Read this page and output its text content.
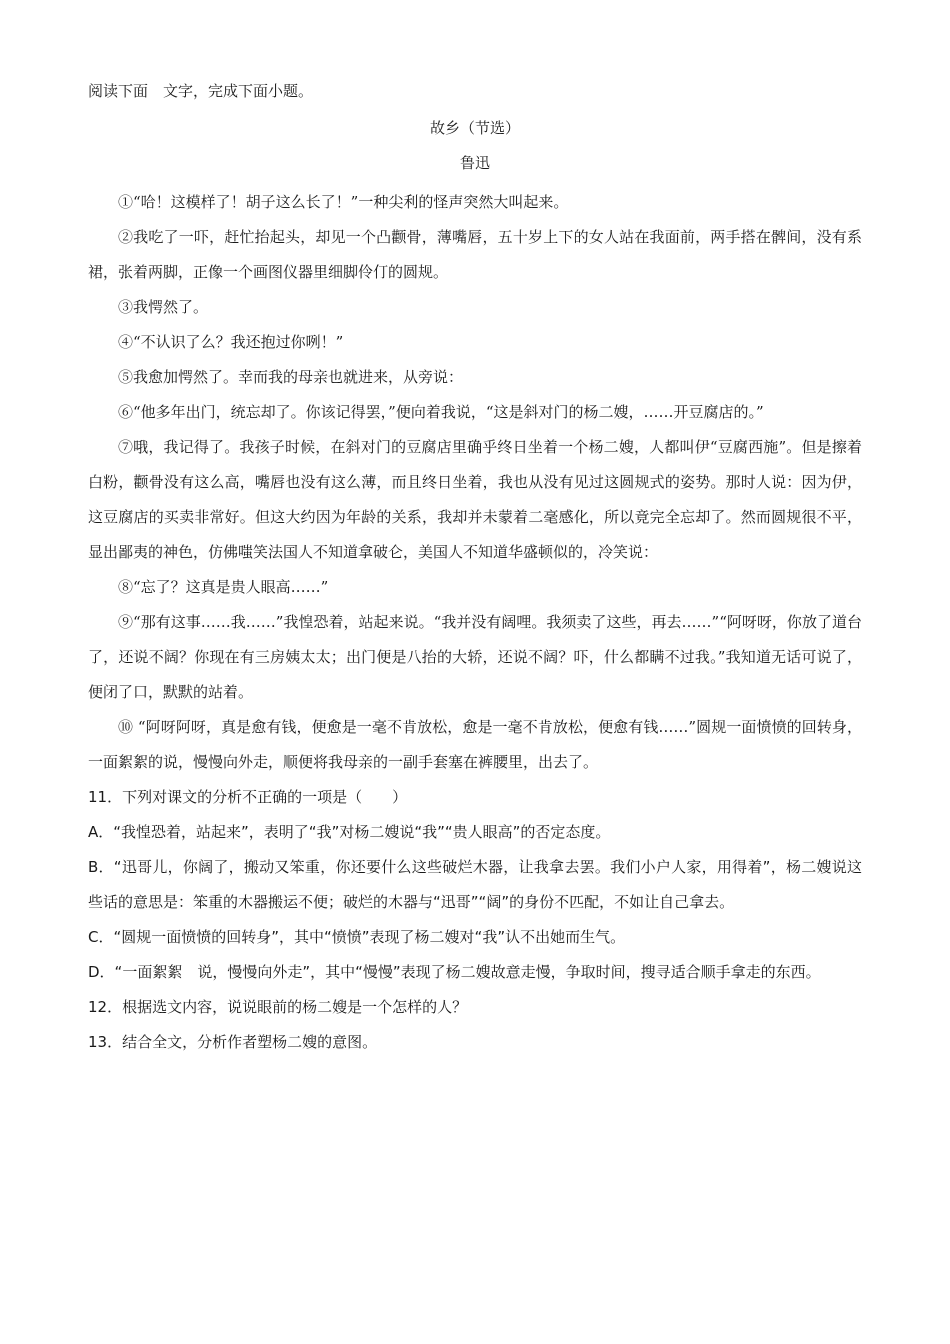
阅读下面　文字，完成下面小题。

故乡（节选）

鲁迅

①“哈！这模样了！胡子这么长了！”一种尖利的怪声突然大叫起来。

②我吃了一吓，赶忙抬起头，却见一个凸颧骨，薄嘴唇，五十岁上下的女人站在我面前，两手搭在髀间，没有系裙，张着两脚，正像一个画图仪器里细脚伶仃的圆规。

③我愕然了。

④“不认识了么？我还抱过你咧！”

⑤我愈加愕然了。幸而我的母亲也就进来，从旁说：

⑥“他多年出门，统忘却了。你该记得罢，”便向着我说，“这是斜对门的杨二嫂，……开豆腐店的。”

⑦哦，我记得了。我孩子时候，在斜对门的豆腐店里确乎终日坐着一个杨二嫂，人都叫伊“豆腐西施”。但是擦着白粉，颧骨没有这么高，嘴唇也没有这么薄，而且终日坐着，我也从没有见过这圆规式的姿势。那时人说：因为伊，这豆腐店的买卖非常好。但这大约因为年龄的关系，我却并未蒙着二毫感化，所以竟完全忘却了。然而圆规很不平，显出鄙夷的神色，仿佛嗤笑法国人不知道拿破仑，美国人不知道华盛顿似的，冷笑说：

⑧“忘了？这真是贵人眼高……”

⑨“那有这事……我……”我惶恐着，站起来说。“我并没有阔哩。我须卖了这些，再去……”“阿呀呀，你放了道台了，还说不阔？你现在有三房姨太太；出门便是八抬的大轿，还说不阔？吓，什么都瞒不过我。”我知道无话可说了，便闭了口，默默的站着。

⑩ “阿呀阿呀，真是愈有钱，便愈是一毫不肯放松，愈是一毫不肯放松，便愈有钱……”圆规一面愤愤的回转身，一面絮絮的说，慢慢向外走，顺便将我母亲的一副手套塞在裤腰里，出去了。

11．下列对课文的分析不正确的一项是（　　）

A．“我惶恐着，站起来”，表明了“我”对杨二嫂说“我”“贵人眼高”的否定态度。

B．“迅哥儿，你阔了，搬动又笨重，你还要什么这些破烂木器，让我拿去罢。我们小户人家，用得着”，杨二嫂说这些话的意思是：笨重的木器搬运不便；破烂的木器与“迅哥”“阔”的身份不匹配，不如让自己拿去。

C．“圆规一面愤愤的回转身”，其中“愤愤”表现了杨二嫂对“我”认不出她而生气。

D．“一面絮絮　说，慢慢向外走”，其中“慢慢”表现了杨二嫂故意走慢，争取时间，搜寻适合顺手拿走的东西。

12．根据选文内容，说说眼前的杨二嫂是一个怎样的人？

13．结合全文，分析作者塑杨二嫂的意图。
